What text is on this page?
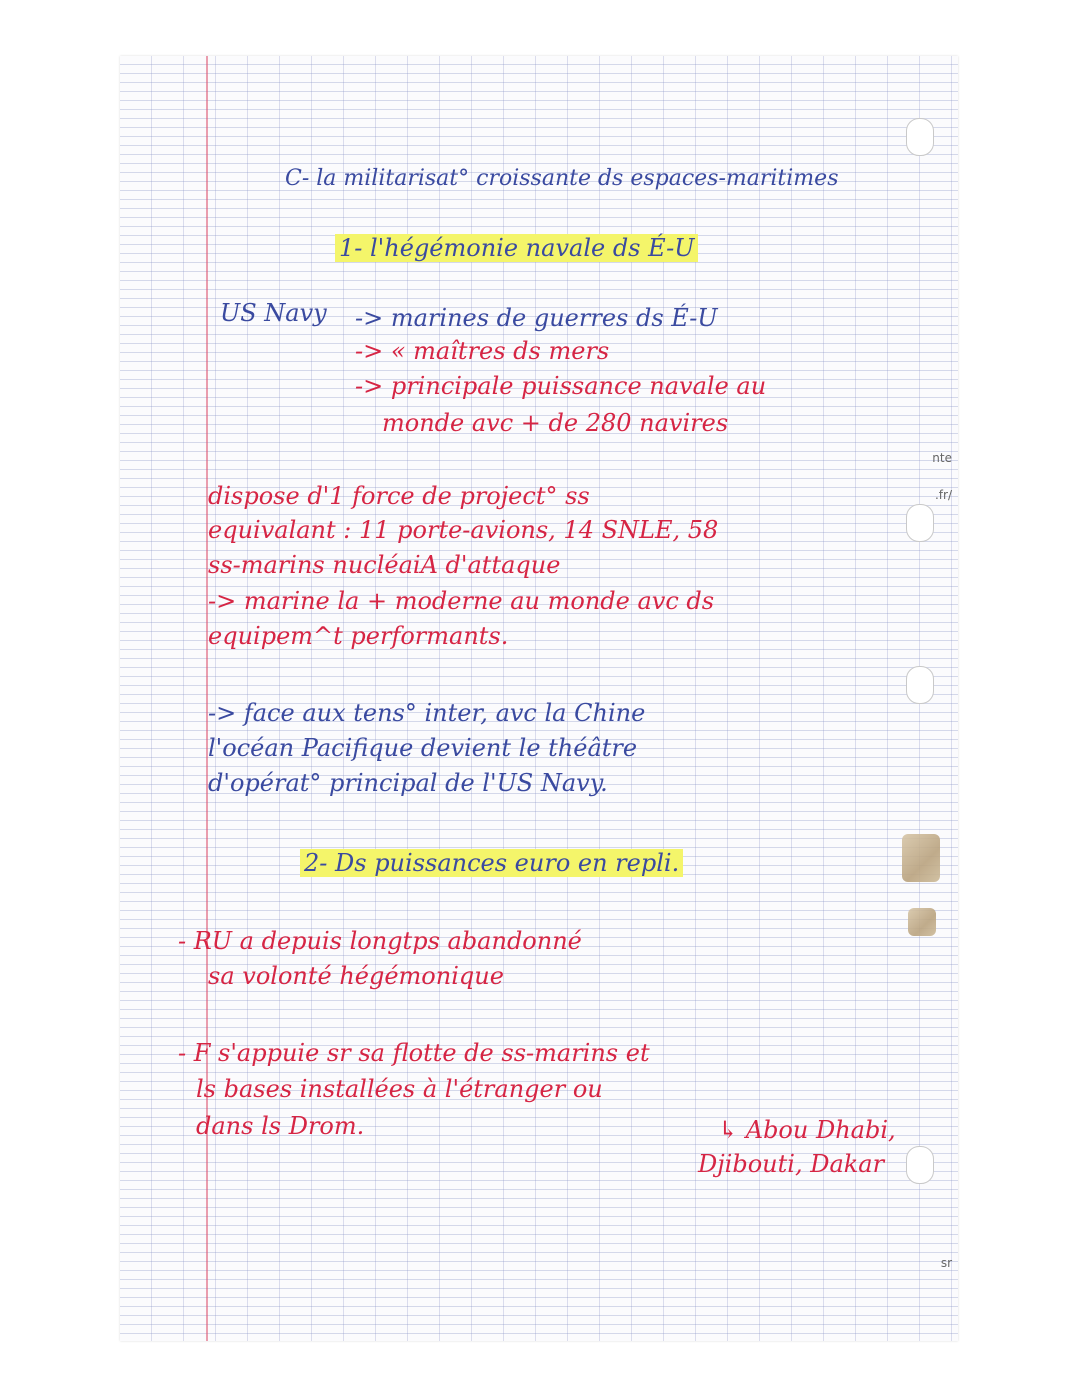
nte
.fr/
sr
C- la militarisat° croissante ds espaces-maritimes
1- l'hégémonie navale ds É-U
US Navy -> marines de guerres ds É-U
-> « maîtres ds mers
-> principale puissance navale au
monde avc + de 280 navires
dispose d'1 force de project° ss
equivalant : 11 porte-avions, 14 SNLE, 58
ss-marins nucléaiA d'attaque
-> marine la + moderne au monde avc ds
equipem^t performants.
-> face aux tens° inter, avc la Chine
l'océan Pacifique devient le théâtre
d'opérat° principal de l'US Navy.
2- Ds puissances euro en repli.
- RU a depuis longtps abandonné
sa volonté hégémonique
- F s'appuie sr sa flotte de ss-marins et
ls bases installées à l'étranger ou
dans ls Drom.	↳ Abou Dhabi,
Djibouti, Dakar
